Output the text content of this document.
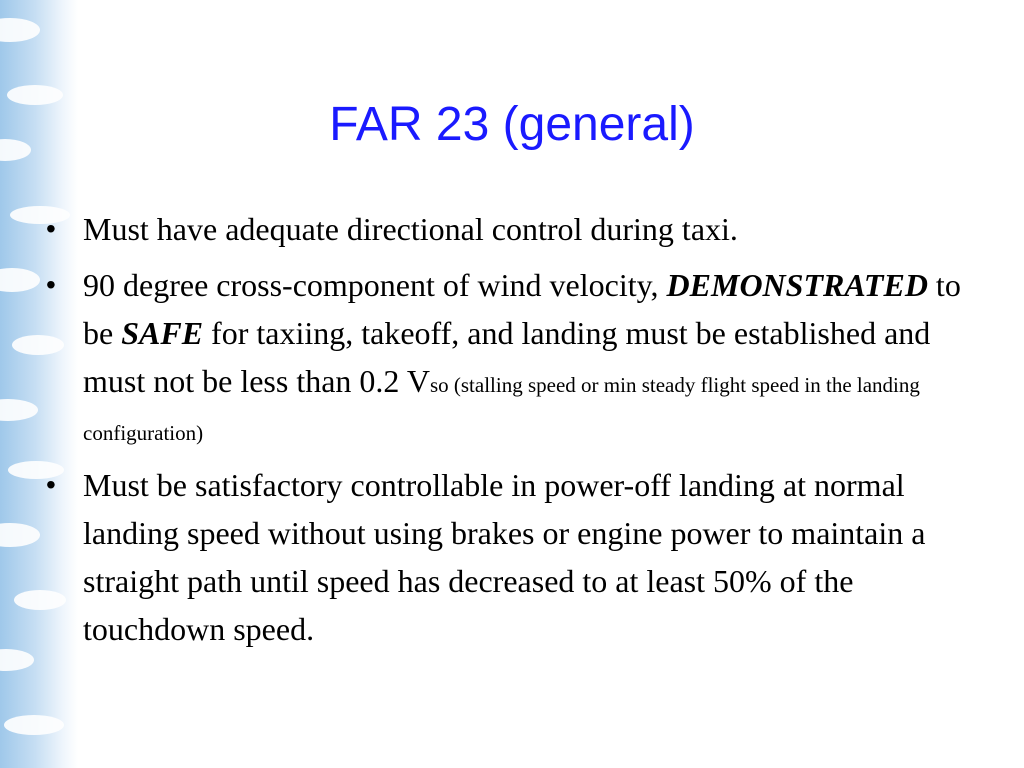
FAR 23 (general)
• Must have adequate directional control during taxi.
• 90 degree cross-component of wind velocity, DEMONSTRATED to be SAFE for taxiing, takeoff, and landing must be established and must not be less than 0.2 Vso (stalling speed or min steady flight speed in the landing configuration)
• Must be satisfactory controllable in power-off landing at normal landing speed without using brakes or engine power to maintain a straight path until speed has decreased to at least 50% of the touchdown speed.
